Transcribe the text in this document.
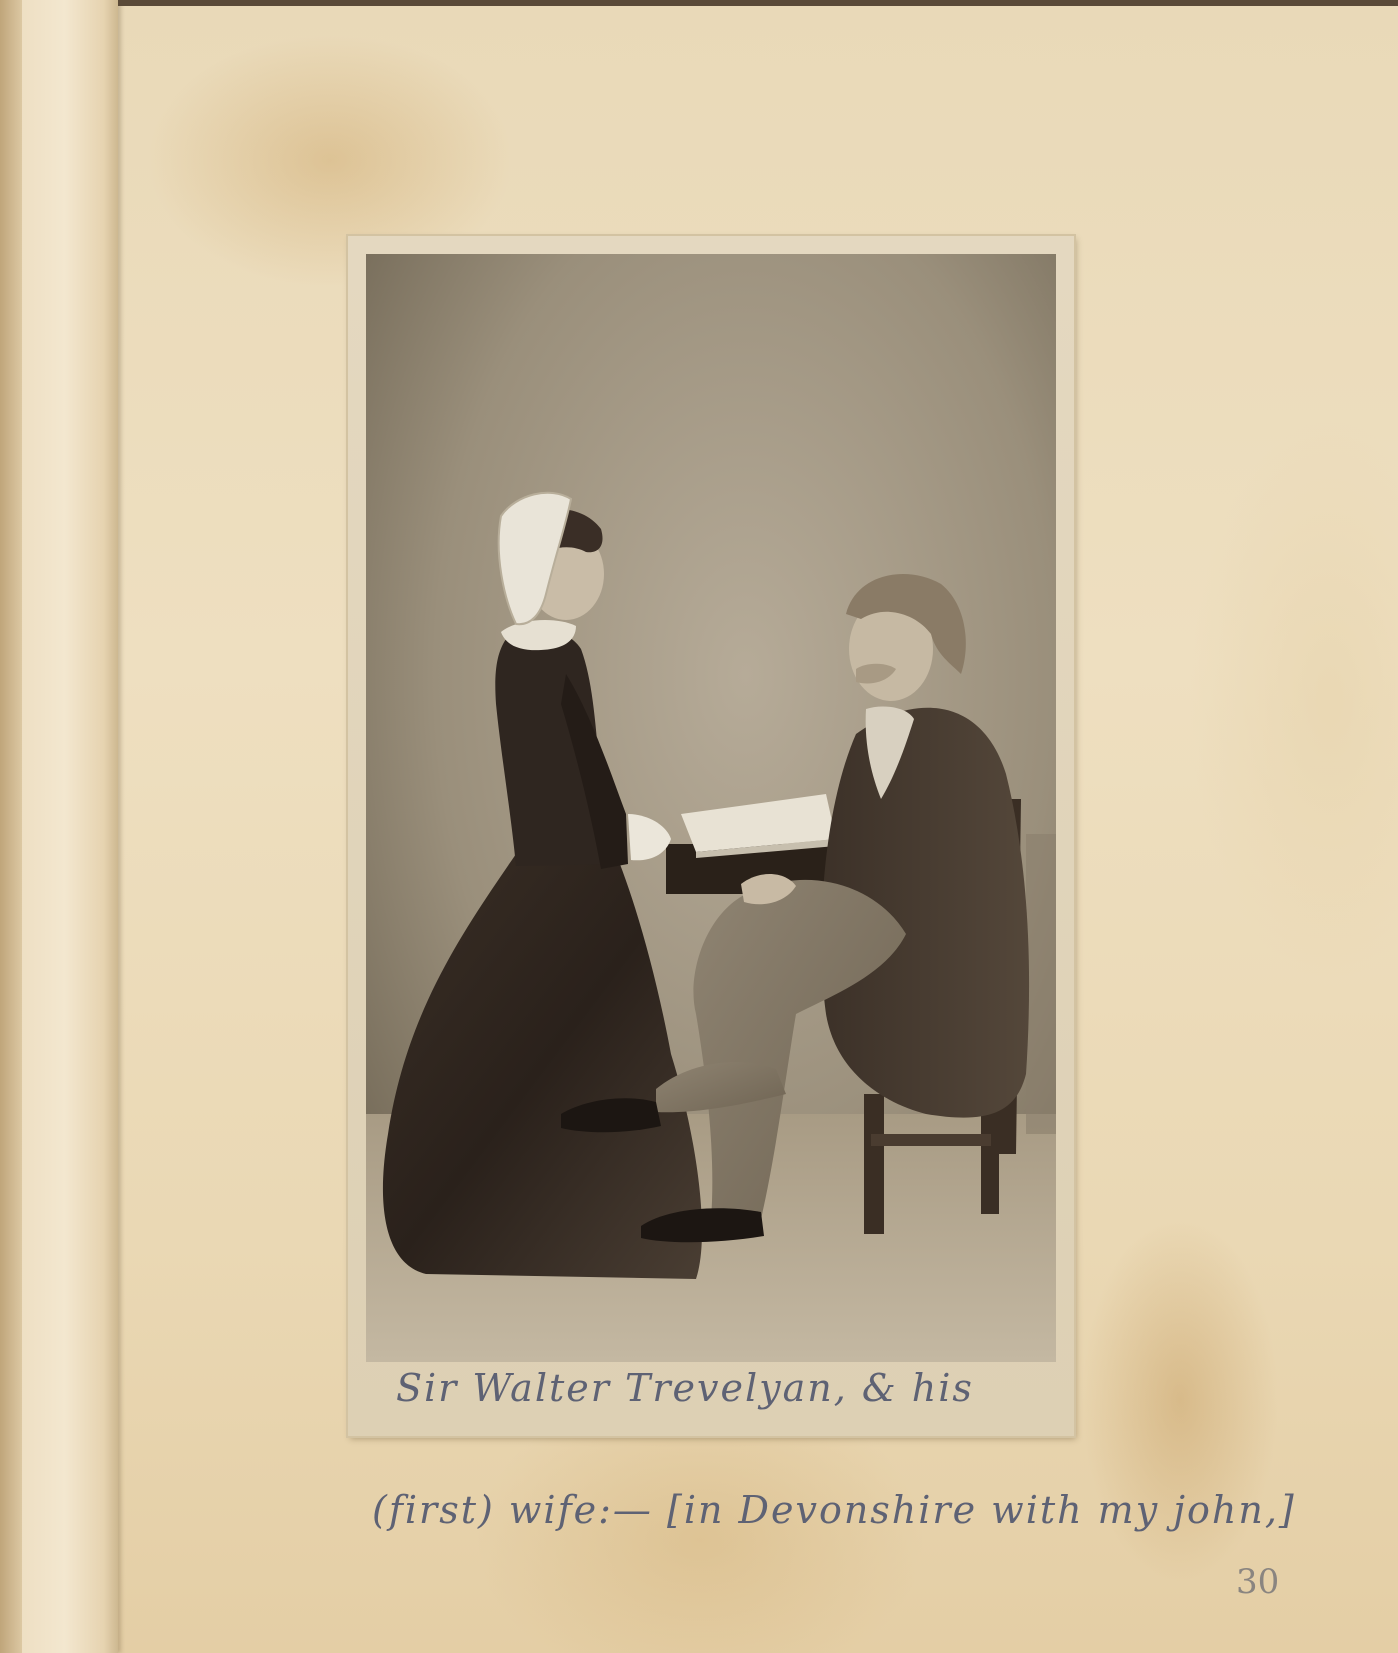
Sir Walter Trevelyan, & his

(first) wife:— [in Devonshire with my john,]

30
